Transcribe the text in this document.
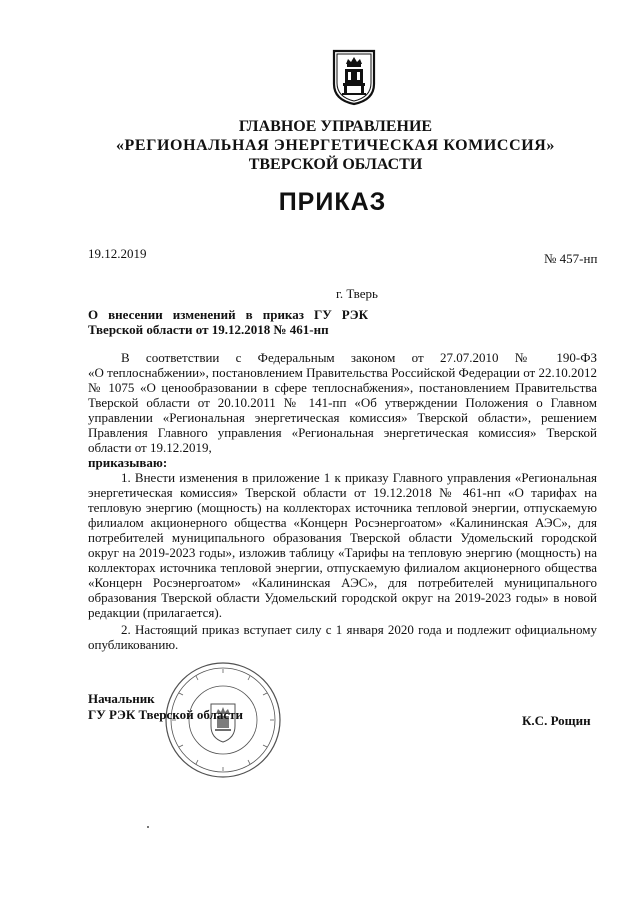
ГЛАВНОЕ УПРАВЛЕНИЕ
«РЕГИОНАЛЬНАЯ ЭНЕРГЕТИЧЕСКАЯ КОМИССИЯ»
ТВЕРСКОЙ ОБЛАСТИ
ПРИКАЗ
19.12.2019	№ 457-нп
г. Тверь
О внесении изменений в приказ ГУ РЭК
Тверской области от 19.12.2018 № 461-нп
В соответствии с Федеральным законом от 27.07.2010 № 190-ФЗ
«О теплоснабжении», постановлением Правительства Российской Федерации от 22.10.2012
№ 1075 «О ценообразовании в сфере теплоснабжения», постановлением Правительства
Тверской области от 20.10.2011 № 141-пп «Об утверждении Положения о Главном
управлении «Региональная энергетическая комиссия» Тверской области», решением
Правления Главного управления «Региональная энергетическая комиссия» Тверской
области от 19.12.2019,
приказываю:
1. Внести изменения в приложение 1 к приказу Главного управления «Региональная
энергетическая комиссия» Тверской области от 19.12.2018 № 461-нп «О тарифах на
тепловую энергию (мощность) на коллекторах источника тепловой энергии, отпускаемую
филиалом акционерного общества «Концерн Росэнергоатом» «Калининская АЭС», для
потребителей муниципального образования Тверской области Удомельский городской
округ на 2019-2023 годы», изложив таблицу «Тарифы на тепловую энергию (мощность) на
коллекторах источника тепловой энергии, отпускаемую филиалом акционерного общества
«Концерн Росэнергоатом» «Калининская АЭС», для потребителей муниципального
образования Тверской области Удомельский городской округ на 2019-2023 годы» в новой
редакции (прилагается).
2. Настоящий приказ вступает силу с 1 января 2020 года и подлежит официальному
опубликованию.
Начальник
ГУ РЭК Тверской области	К.С. Рощин
